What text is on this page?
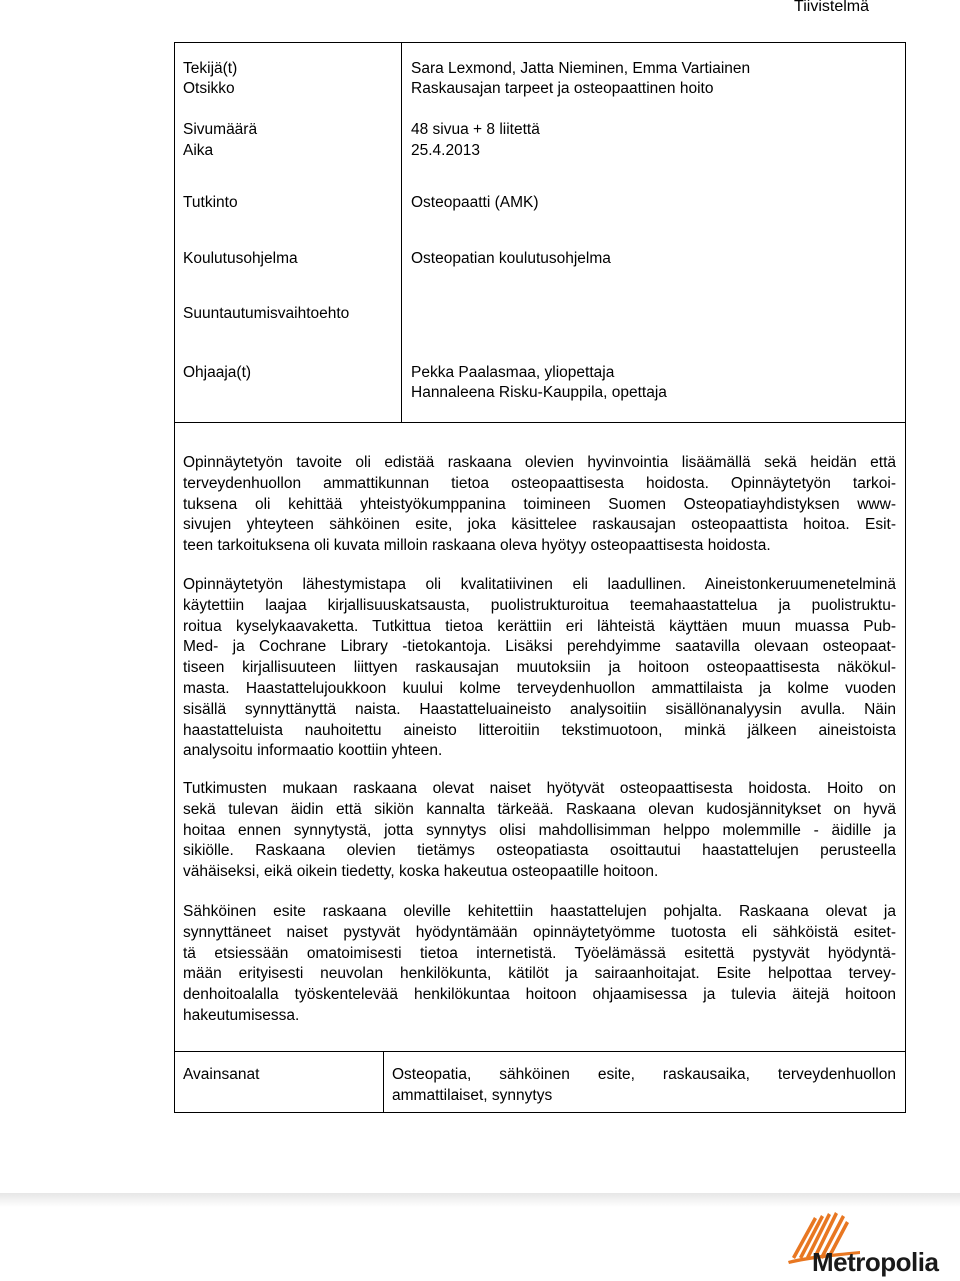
Tiivistelmä
Tekijä(t)
Otsikko
Sivumäärä
Aika
Tutkinto
Koulutusohjelma
Suuntautumisvaihtoehto
Ohjaaja(t)
Sara Lexmond, Jatta Nieminen, Emma Vartiainen
Raskausajan tarpeet ja osteopaattinen hoito
48 sivua + 8 liitettä
25.4.2013
Osteopaatti (AMK)
Osteopatian koulutusohjelma
Pekka Paalasmaa, yliopettaja
Hannaleena Risku-Kauppila, opettaja
Opinnäytetyön tavoite oli edistää raskaana olevien hyvinvointia lisäämällä sekä heidän että
terveydenhuollon ammattikunnan tietoa osteopaattisesta hoidosta. Opinnäytetyön tarkoi-
tuksena oli kehittää yhteistyökumppanina toimineen Suomen Osteopatiayhdistyksen www-
sivujen yhteyteen sähköinen esite, joka käsittelee raskausajan osteopaattista hoitoa. Esit-
teen tarkoituksena oli kuvata milloin raskaana oleva hyötyy osteopaattisesta hoidosta.
Opinnäytetyön lähestymistapa oli kvalitatiivinen eli laadullinen. Aineistonkeruumenetelminä
käytettiin laajaa kirjallisuuskatsausta, puolistrukturoitua teemahaastattelua ja puolistruktu-
roitua kyselykaavaketta. Tutkittua tietoa kerättiin eri lähteistä käyttäen muun muassa Pub-
Med- ja Cochrane Library -tietokantoja. Lisäksi perehdyimme saatavilla olevaan osteopaat-
tiseen kirjallisuuteen liittyen raskausajan muutoksiin ja hoitoon osteopaattisesta näkökul-
masta. Haastattelujoukkoon kuului kolme terveydenhuollon ammattilaista ja kolme vuoden
sisällä synnyttänyttä naista. Haastatteluaineisto analysoitiin sisällönanalyysin avulla. Näin
haastatteluista nauhoitettu aineisto litteroitiin tekstimuotoon, minkä jälkeen aineistoista
analysoitu informaatio koottiin yhteen.
Tutkimusten mukaan raskaana olevat naiset hyötyvät osteopaattisesta hoidosta. Hoito on
sekä tulevan äidin että sikiön kannalta tärkeää. Raskaana olevan kudosjännitykset on hyvä
hoitaa ennen synnytystä, jotta synnytys olisi mahdollisimman helppo molemmille - äidille ja
sikiölle. Raskaana olevien tietämys osteopatiasta osoittautui haastattelujen perusteella
vähäiseksi, eikä oikein tiedetty, koska hakeutua osteopaatille hoitoon.
Sähköinen esite raskaana oleville kehitettiin haastattelujen pohjalta. Raskaana olevat ja
synnyttäneet naiset pystyvät hyödyntämään opinnäytetyömme tuotosta eli sähköistä esitet-
tä etsiessään omatoimisesti tietoa internetistä. Työelämässä esitettä pystyvät hyödyntä-
mään erityisesti neuvolan henkilökunta, kätilöt ja sairaanhoitajat. Esite helpottaa tervey-
denhoitoalalla työskentelevää henkilökuntaa hoitoon ohjaamisessa ja tulevia äitejä hoitoon
hakeutumisessa.
Avainsanat	Osteopatia, sähköinen esite, raskausaika, terveydenhuollon
ammattilaiset, synnytys
Metropolia
